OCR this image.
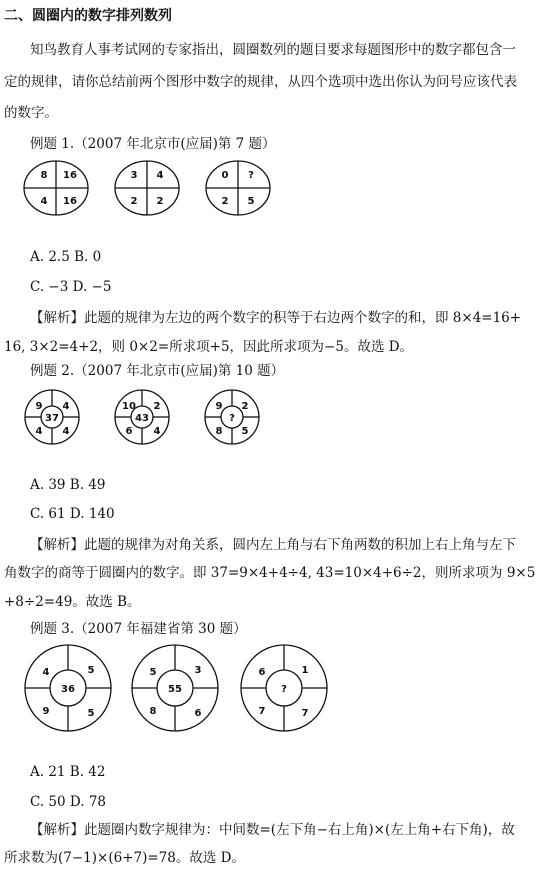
二、圆圈内的数字排列数列
知鸟教育人事考试网的专家指出，圆圈数列的题目要求每题图形中的数字都包含一
定的规律，请你总结前两个图形中数字的规律，从四个选项中选出你认为问号应该代表
的数字。
例题 1.（2007 年北京市(应届)第 7 题）
8 16
4 16
3 4
2 2
0 ?
2 5
A. 2.5 B. 0
C. −3 D. −5
【解析】此题的规律为左边的两个数字的积等于右边两个数字的和，即 8×4=16+
16, 3×2=4+2，则 0×2=所求项+5，因此所求项为−5。故选 D。
例题 2.（2007 年北京市(应届)第 10 题）
9 4
4 4
37
10 2
6 4
43
9 2
8 5
?
A. 39 B. 49
C. 61 D. 140
【解析】此题的规律为对角关系，圆内左上角与右下角两数的积加上右上角与左下
角数字的商等于圆圈内的数字。即 37=9×4+4÷4, 43=10×4+6÷2，则所求项为 9×5
+8÷2=49。故选 B。
例题 3.（2007 年福建省第 30 题）
4	5
9	5
36
5	3
8	6
55
6	1
7	7
?
A. 21 B. 42
C. 50 D. 78
【解析】此题圈内数字规律为：中间数=(左下角−右上角)×(左上角+右下角)，故
所求数为(7−1)×(6+7)=78。故选 D。
